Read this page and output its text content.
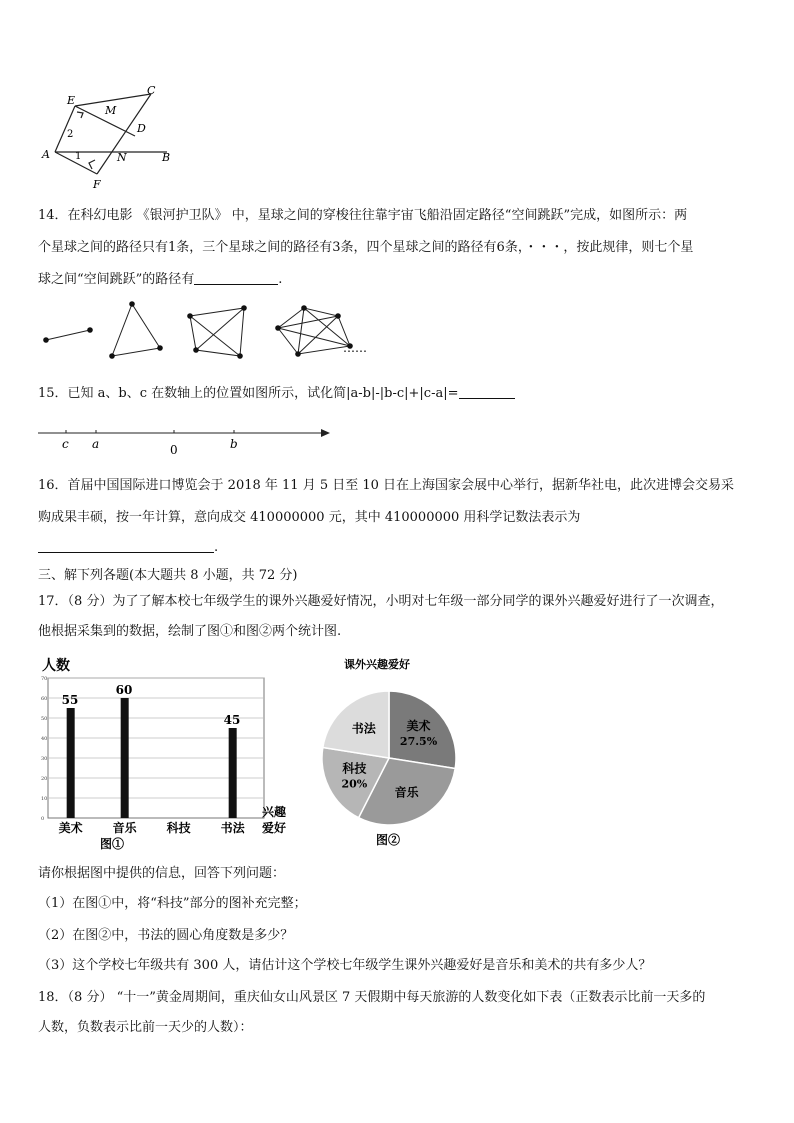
E
M
C
D
2
A	1	N	B
F
14．在科幻电影 《银河护卫队》 中，星球之间的穿梭往往靠宇宙飞船沿固定路径“空间跳跃”完成，如图所示：两
个星球之间的路径只有1条，三个星球之间的路径有3条，四个星球之间的路径有6条，・・・，按此规律，则七个星
球之间“空间跳跃”的路径有	.
……
15．已知 a、b、c 在数轴上的位置如图所示，试化简|a-b|-|b-c|+|c-a|=
c a	0	b
16．首届中国国际进口博览会于 2018 年 11 月 5 日至 10 日在上海国家会展中心举行，据新华社电，此次进博会交易采
购成果丰硕，按一年计算，意向成交 410000000 元，其中 410000000 用科学记数法表示为
.
三、解下列各题(本大题共 8 小题，共 72 分)
17．（8 分）为了了解本校七年级学生的课外兴趣爱好情况，小明对七年级一部分同学的课外兴趣爱好进行了一次调查，
他根据采集到的数据，绘制了图①和图②两个统计图.
0
10
20
30
40
50
60
70
美术
55
音乐
60
科技 书法
45
人数
兴趣
爱好
图①
课外兴趣爱好
美术
27.5%
音乐
科技
20%
书法
图②
请你根据图中提供的信息，回答下列问题：
（1）在图①中，将“科技”部分的图补充完整；
（2）在图②中，书法的圆心角度数是多少？
（3）这个学校七年级共有 300 人，请估计这个学校七年级学生课外兴趣爱好是音乐和美术的共有多少人？
18．（8 分） “十一”黄金周期间，重庆仙女山风景区 7 天假期中每天旅游的人数变化如下表（正数表示比前一天多的
人数，负数表示比前一天少的人数）：
